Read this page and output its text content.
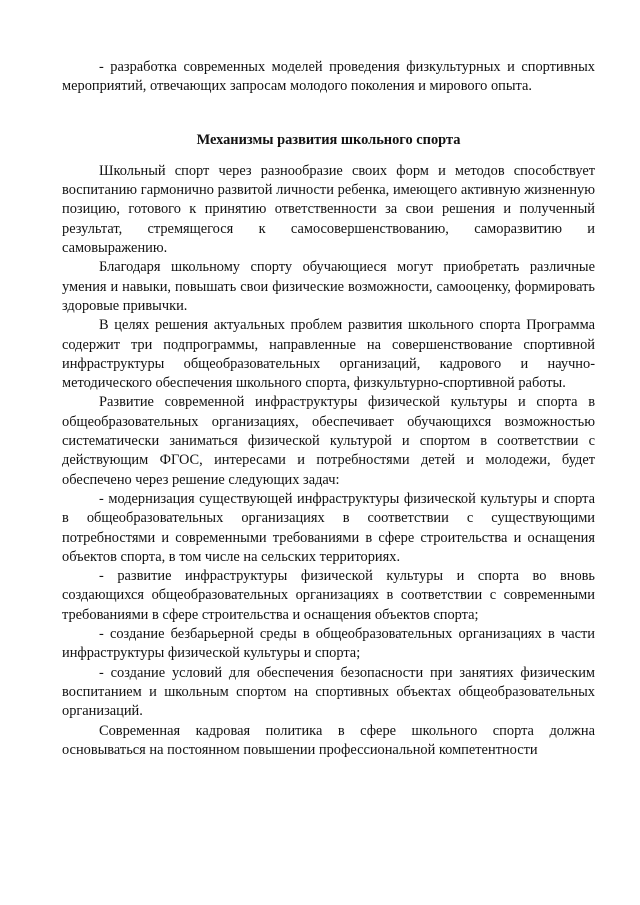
- разработка современных моделей проведения физкультурных и спортивных мероприятий, отвечающих запросам молодого поколения и мирового опыта.

Механизмы развития школьного спорта

Школьный спорт через разнообразие своих форм и методов способствует воспитанию гармонично развитой личности ребенка, имеющего активную жизненную позицию, готового к принятию ответственности за свои решения и полученный результат, стремящегося к самосовершенствованию, саморазвитию и самовыражению.

Благодаря школьному спорту обучающиеся могут приобретать различные умения и навыки, повышать свои физические возможности, самооценку, формировать здоровые привычки.

В целях решения актуальных проблем развития школьного спорта Программа содержит три подпрограммы, направленные на совершенствование спортивной инфраструктуры общеобразовательных организаций, кадрового и научно-методического обеспечения школьного спорта, физкультурно-спортивной работы.

Развитие современной инфраструктуры физической культуры и спорта в общеобразовательных организациях, обеспечивает обучающихся возможностью систематически заниматься физической культурой и спортом в соответствии с действующим ФГОС, интересами и потребностями детей и молодежи, будет обеспечено через решение следующих задач:

- модернизация существующей инфраструктуры физической культуры и спорта в общеобразовательных организациях в соответствии с существующими потребностями и современными требованиями в сфере строительства и оснащения объектов спорта, в том числе на сельских территориях.

- развитие инфраструктуры физической культуры и спорта во вновь создающихся общеобразовательных организациях в соответствии с современными требованиями в сфере строительства и оснащения объектов спорта;

- создание безбарьерной среды в общеобразовательных организациях в части инфраструктуры физической культуры и спорта;

- создание условий для обеспечения безопасности при занятиях физическим воспитанием и школьным спортом на спортивных объектах общеобразовательных организаций.

Современная кадровая политика в сфере школьного спорта должна основываться на постоянном повышении профессиональной компетентности
